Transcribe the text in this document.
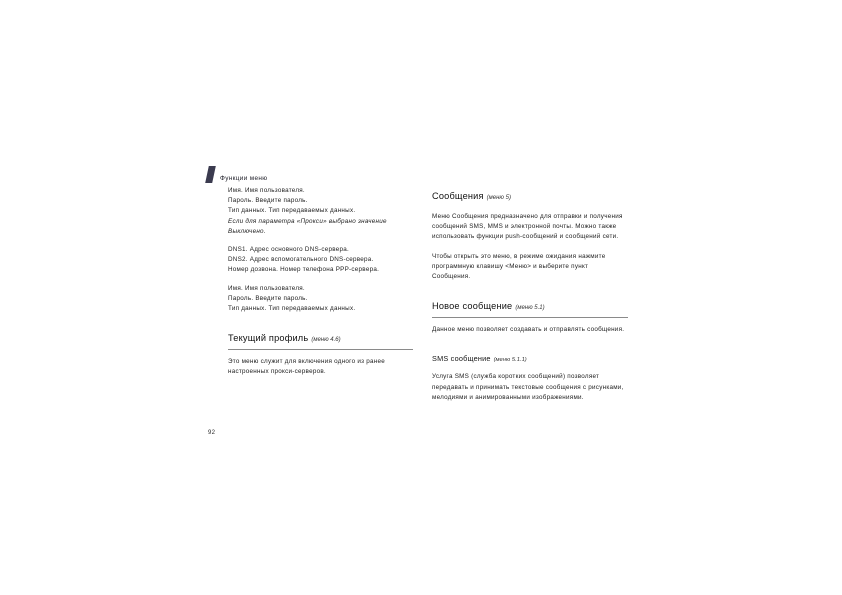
Функции меню

Имя. Имя пользователя.

Пароль. Введите пароль.

Тип данных. Тип передаваемых данных.

Если для параметра «Прокси» выбрано значение Выключено.

DNS1. Адрес основного DNS-сервера.

DNS2. Адрес вспомогательного DNS-сервера.

Номер дозвона. Номер телефона PPP-сервера.

Имя. Имя пользователя.

Пароль. Введите пароль.

Тип данных. Тип передаваемых данных.

Текущий профиль (меню 4.6)

Это меню служит для включения одного из ранее настроенных прокси-серверов.

Сообщения (меню 5)

Меню Сообщения предназначено для отправки и получения сообщений SMS, MMS и электронной почты. Можно также использовать функции push-сообщений и сообщений сети.

Чтобы открыть это меню, в режиме ожидания нажмите программную клавишу <Меню> и выберите пункт Сообщения.

Новое сообщение (меню 5.1)

Данное меню позволяет создавать и отправлять сообщения.

SMS сообщение (меню 5.1.1)

Услуга SMS (служба коротких сообщений) позволяет передавать и принимать текстовые сообщения с рисунками, мелодиями и анимированными изображениями.

92
